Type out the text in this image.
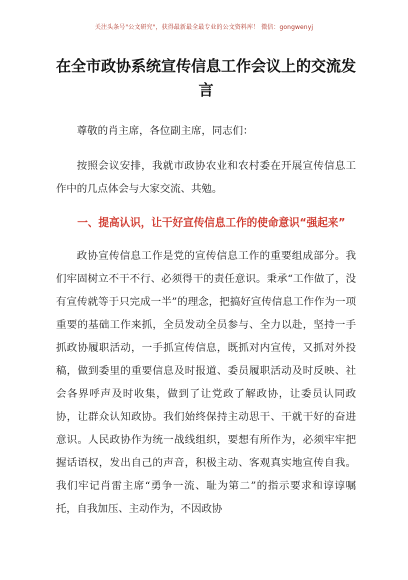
关注头条号"公文研究"，获得最新最全最专业的公文资料库！ 微信：gongwenyj
在全市政协系统宣传信息工作会议上的交流发言

尊敬的肖主席，各位副主席，同志们：

按照会议安排，我就市政协农业和农村委在开展宣传信息工作中的几点体会与大家交流、共勉。

一、提高认识，让干好宣传信息工作的使命意识“强起来”

政协宣传信息工作是党的宣传信息工作的重要组成部分。我们牢固树立不干不行、必须得干的责任意识。秉承“工作做了，没有宣传就等于只完成一半”的理念，把搞好宣传信息工作作为一项重要的基础工作来抓，全员发动全员参与、全力以赴，坚持一手抓政协履职活动，一手抓宣传信息，既抓对内宣传，又抓对外投稿，做到委里的重要信息及时报道、委员履职活动及时反映、社会各界呼声及时收集，做到了让党政了解政协，让委员认同政协，让群众认知政协。我们始终保持主动思干、干就干好的奋进意识。人民政协作为统一战线组织，要想有所作为，必须牢牢把握话语权，发出自己的声音，积极主动、客观真实地宣传自我。我们牢记肖雷主席“勇争一流、耻为第二”的指示要求和谆谆嘱托，自我加压、主动作为，不因政协
